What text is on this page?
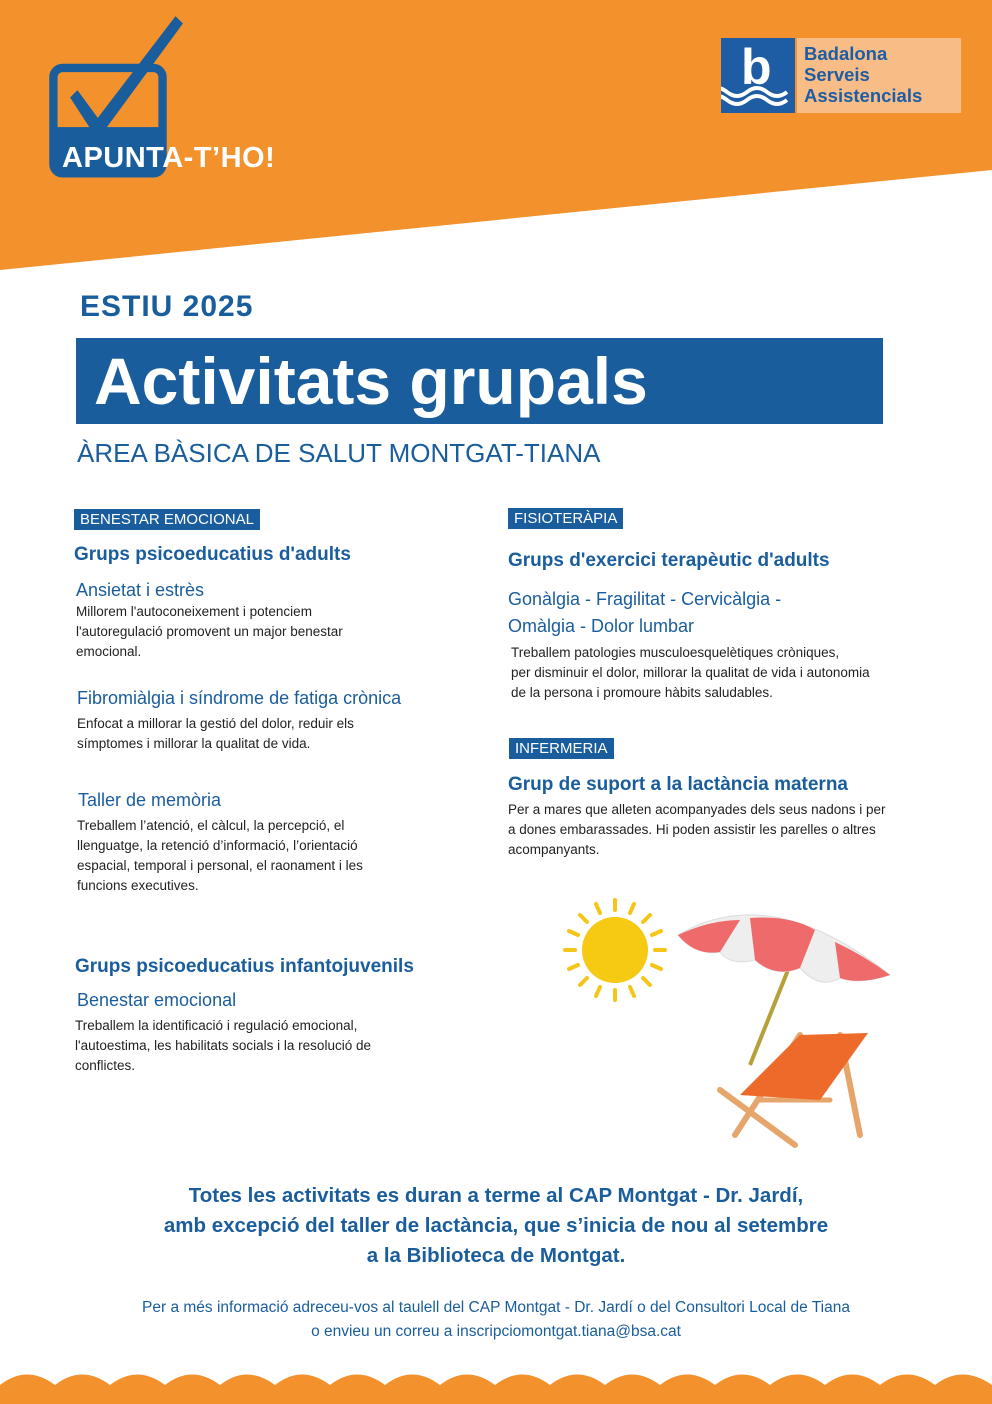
APUNTA-T’HO!
b Badalona
Serveis
Assistencials
ESTIU 2025
Activitats grupals
ÀREA BÀSICA DE SALUT MONTGAT-TIANA
BENESTAR EMOCIONAL
Grups psicoeducatius d'adults
Ansietat i estrès
Millorem l'autoconeixement i potenciem
l'autoregulació promovent un major benestar
emocional.
Fibromiàlgia i síndrome de fatiga crònica
Enfocat a millorar la gestió del dolor, reduir els
símptomes i millorar la qualitat de vida.
Taller de memòria
Treballem l’atenció, el càlcul, la percepció, el
llenguatge, la retenció d’informació, l’orientació
espacial, temporal i personal, el raonament i les
funcions executives.
Grups psicoeducatius infantojuvenils
Benestar emocional
Treballem la identificació i regulació emocional,
l'autoestima, les habilitats socials i la resolució de
conflictes.
FISIOTERÀPIA
Grups d'exercici terapèutic d'adults
Gonàlgia - Fragilitat - Cervicàlgia -
Omàlgia - Dolor lumbar
Treballem patologies musculoesquelètiques cròniques,
per disminuir el dolor, millorar la qualitat de vida i autonomia
de la persona i promoure hàbits saludables.
INFERMERIA
Grup de suport a la lactància materna
Per a mares que alleten acompanyades dels seus nadons i per
a dones embarassades. Hi poden assistir les parelles o altres
acompanyants.
Totes les activitats es duran a terme al CAP Montgat - Dr. Jardí,
amb excepció del taller de lactància, que s’inicia de nou al setembre
a la Biblioteca de Montgat.
Per a més informació adreceu-vos al taulell del CAP Montgat - Dr. Jardí o del Consultori Local de Tiana
o envieu un correu a inscripciomontgat.tiana@bsa.cat
